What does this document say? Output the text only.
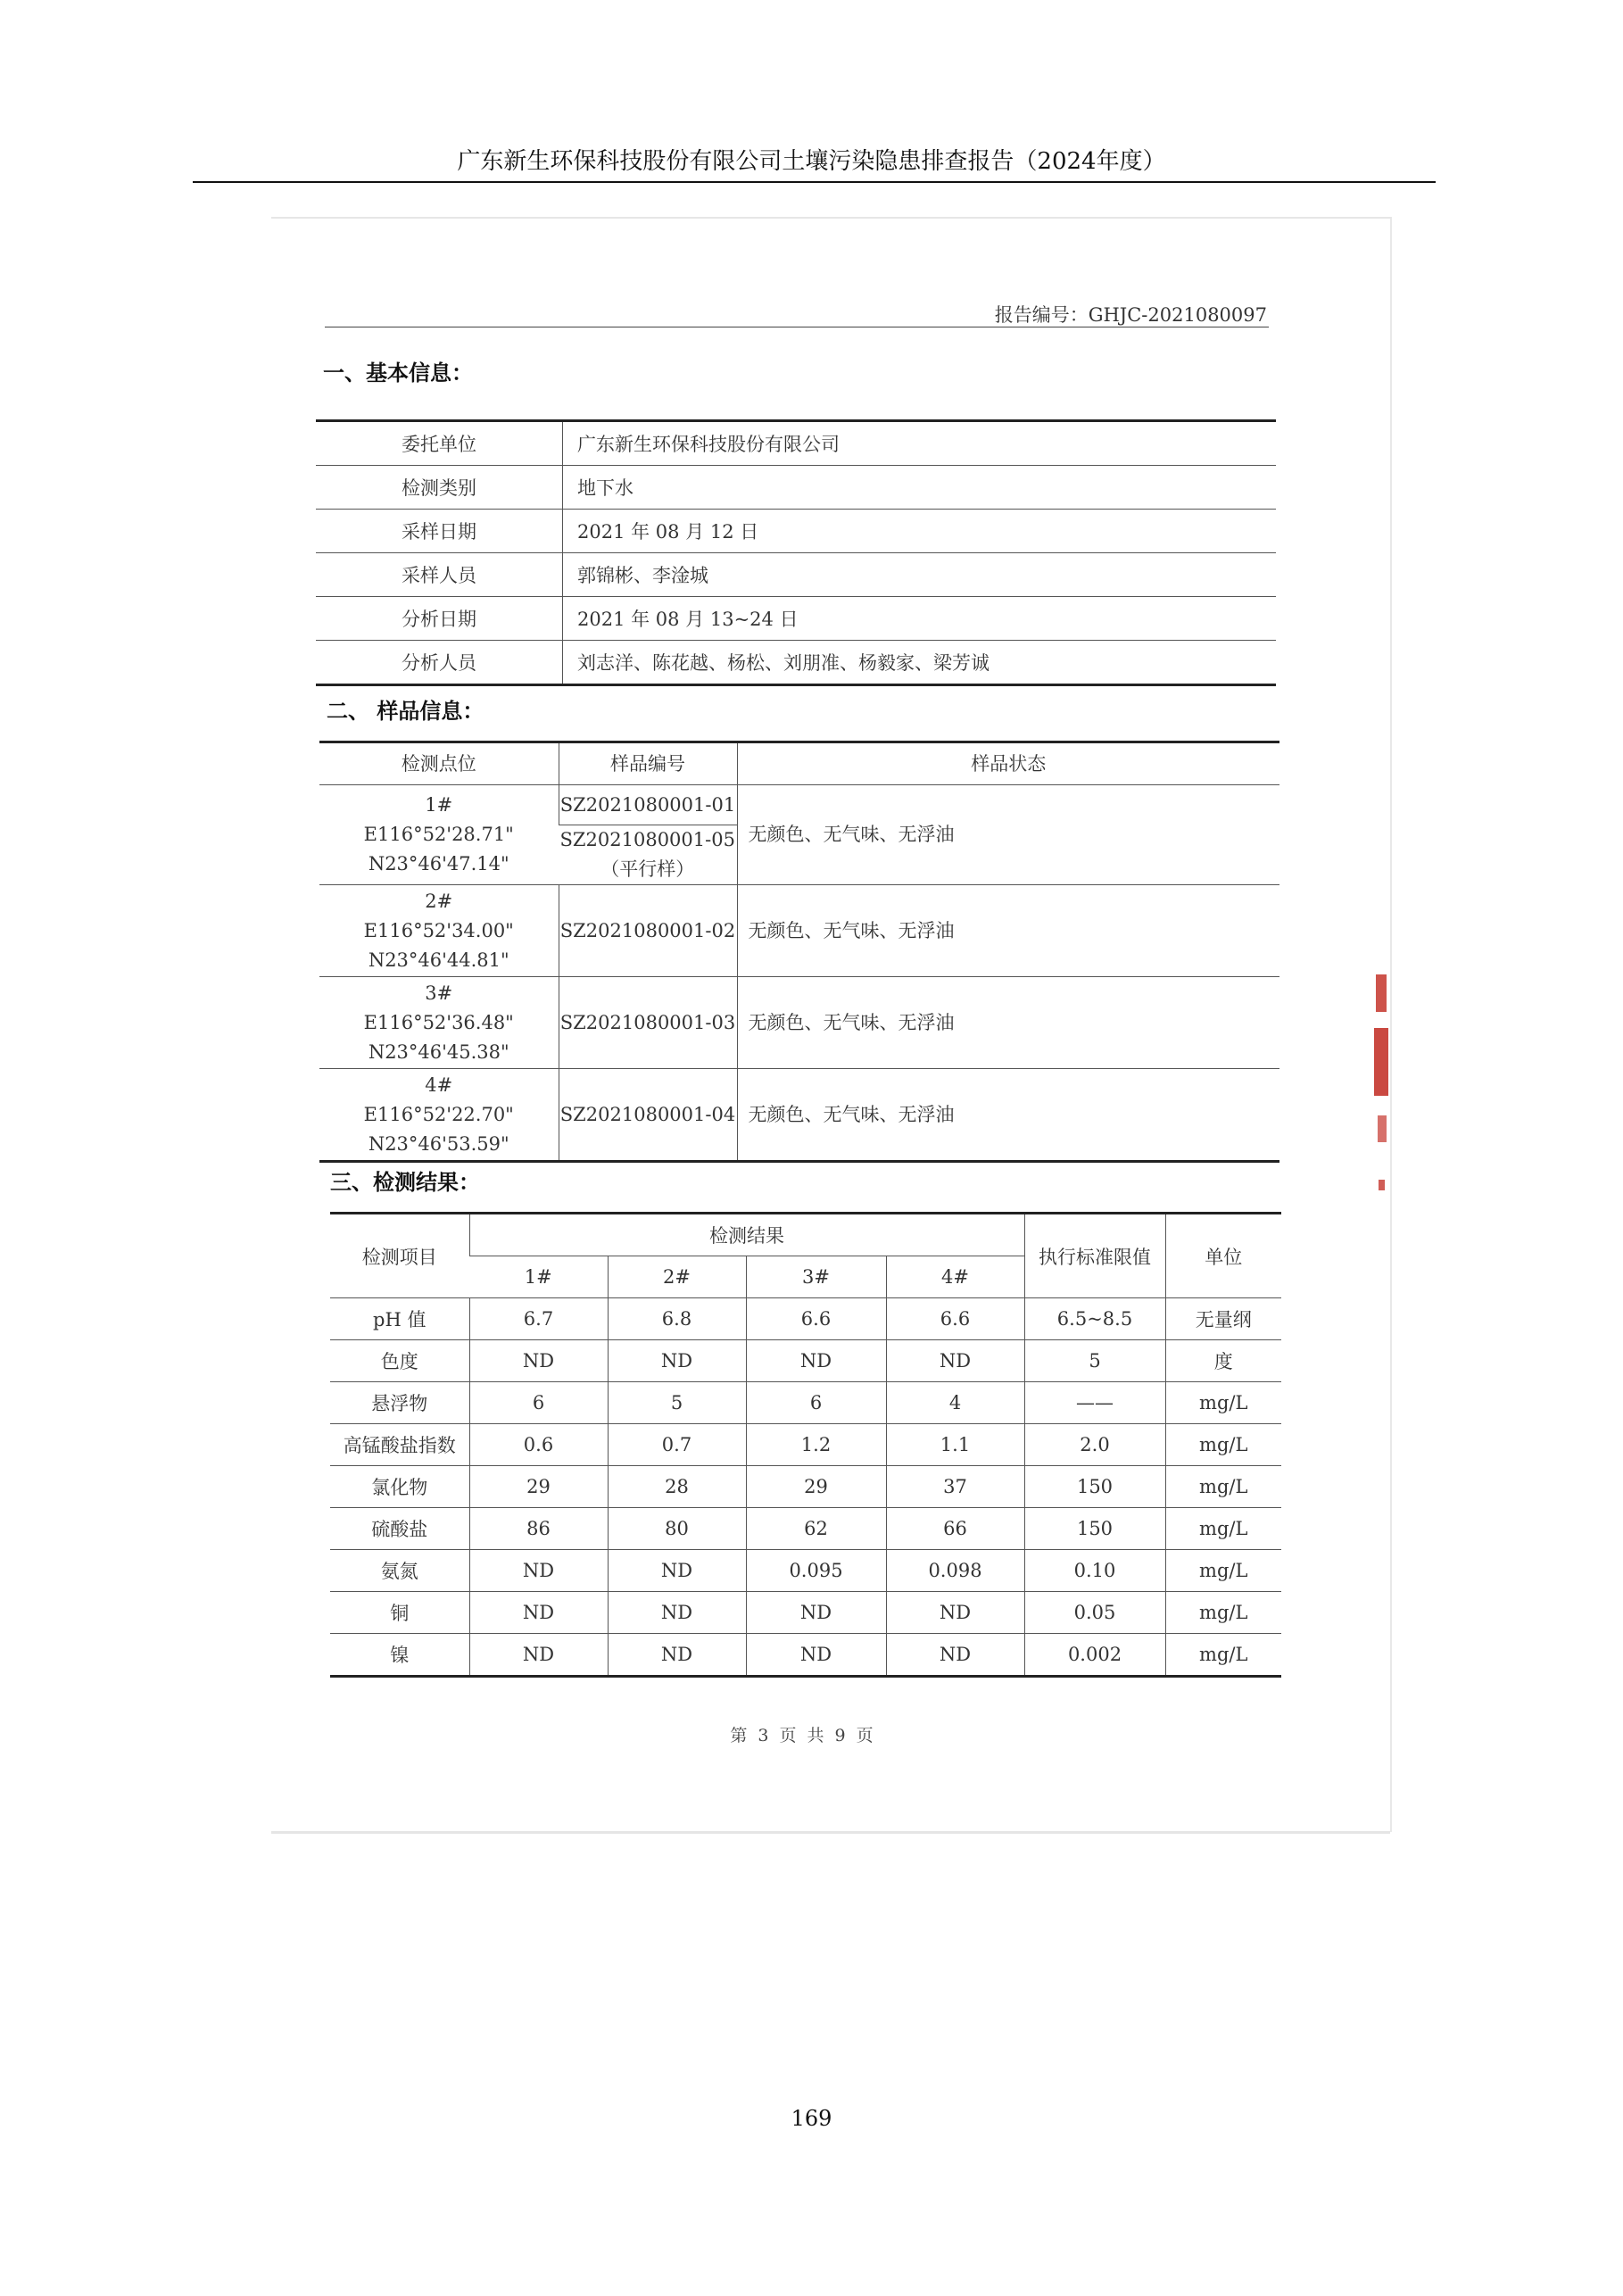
广东新生环保科技股份有限公司土壤污染隐患排查报告（2024年度）
报告编号：GHJC-2021080097
一、基本信息：
委托单位	广东新生环保科技股份有限公司
检测类别	地下水
采样日期	2021 年 08 月 12 日
采样人员	郭锦彬、李淦城
分析日期	2021 年 08 月 13~24 日
分析人员	刘志洋、陈花越、杨松、刘朋准、杨毅家、梁芳诚
二、 样品信息：
检测点位	样品编号	样品状态

1#
E116°52'28.71"
N23°46'47.14"	SZ2021080001-01	无颜色、无气味、无浮油

	SZ2021080001-05
（平行样）	

2#
E116°52'34.00"
N23°46'44.81"	SZ2021080001-02	无颜色、无气味、无浮油

3#
E116°52'36.48"
N23°46'45.38"	SZ2021080001-03	无颜色、无气味、无浮油

4#
E116°52'22.70"
N23°46'53.59"	SZ2021080001-04	无颜色、无气味、无浮油
三、检测结果：
检测项目	检测结果				执行标准限值	单位
	1#	2#	3#	4#		
pH 值	6.7	6.8	6.6	6.6	6.5~8.5	无量纲
色度	ND	ND	ND	ND	5	度
悬浮物	6	5	6	4	——	mg/L
高锰酸盐指数	0.6	0.7	1.2	1.1	2.0	mg/L
氯化物	29	28	29	37	150	mg/L
硫酸盐	86	80	62	66	150	mg/L
氨氮	ND	ND	0.095	0.098	0.10	mg/L
铜	ND	ND	ND	ND	0.05	mg/L
镍	ND	ND	ND	ND	0.002	mg/L
第 3 页 共 9 页
169
